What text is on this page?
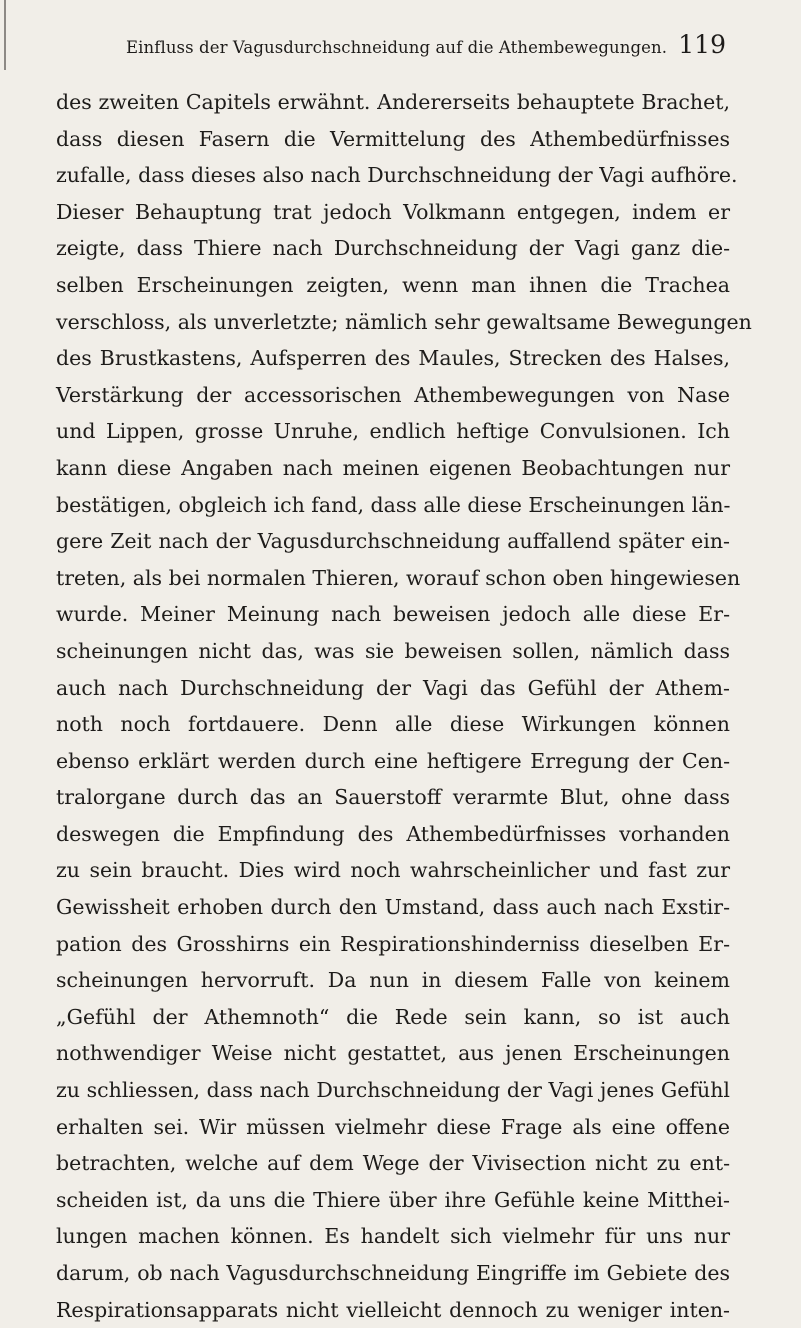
Einfluss der Vagusdurchschneidung auf die Athembewegungen. 119
des zweiten Capitels erwähnt. Andererseits behauptete Brachet,
dass diesen Fasern die Vermittelung des Athembedürfnisses
zufalle, dass dieses also nach Durchschneidung der Vagi aufhöre.
Dieser Behauptung trat jedoch Volkmann entgegen, indem er
zeigte, dass Thiere nach Durchschneidung der Vagi ganz die-
selben Erscheinungen zeigten, wenn man ihnen die Trachea
verschloss, als unverletzte; nämlich sehr gewaltsame Bewegungen
des Brustkastens, Aufsperren des Maules, Strecken des Halses,
Verstärkung der accessorischen Athembewegungen von Nase
und Lippen, grosse Unruhe, endlich heftige Convulsionen. Ich
kann diese Angaben nach meinen eigenen Beobachtungen nur
bestätigen, obgleich ich fand, dass alle diese Erscheinungen län-
gere Zeit nach der Vagusdurchschneidung auffallend später ein-
treten, als bei normalen Thieren, worauf schon oben hingewiesen
wurde. Meiner Meinung nach beweisen jedoch alle diese Er-
scheinungen nicht das, was sie beweisen sollen, nämlich dass
auch nach Durchschneidung der Vagi das Gefühl der Athem-
noth noch fortdauere. Denn alle diese Wirkungen können
ebenso erklärt werden durch eine heftigere Erregung der Cen-
tralorgane durch das an Sauerstoff verarmte Blut, ohne dass
deswegen die Empfindung des Athembedürfnisses vorhanden
zu sein braucht. Dies wird noch wahrscheinlicher und fast zur
Gewissheit erhoben durch den Umstand, dass auch nach Exstir-
pation des Grosshirns ein Respirationshinderniss dieselben Er-
scheinungen hervorruft. Da nun in diesem Falle von keinem
„Gefühl der Athemnoth“ die Rede sein kann, so ist auch
nothwendiger Weise nicht gestattet, aus jenen Erscheinungen
zu schliessen, dass nach Durchschneidung der Vagi jenes Gefühl
erhalten sei. Wir müssen vielmehr diese Frage als eine offene
betrachten, welche auf dem Wege der Vivisection nicht zu ent-
scheiden ist, da uns die Thiere über ihre Gefühle keine Mitthei-
lungen machen können. Es handelt sich vielmehr für uns nur
darum, ob nach Vagusdurchschneidung Eingriffe im Gebiete des
Respirationsapparats nicht vielleicht dennoch zu weniger inten-
